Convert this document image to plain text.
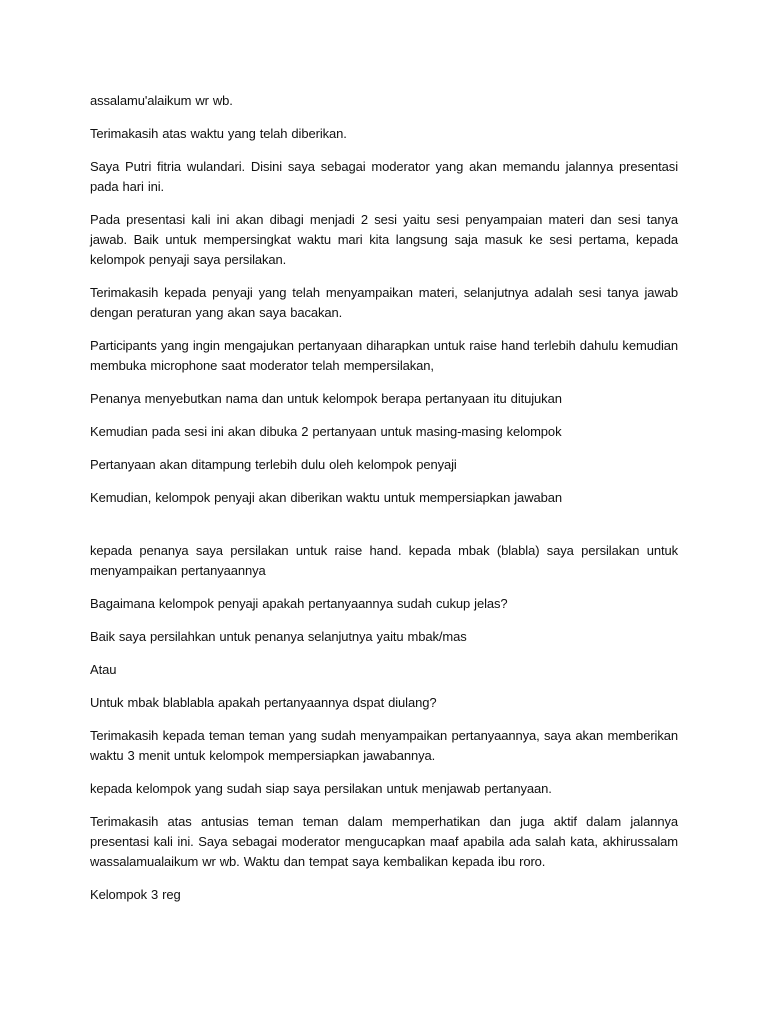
assalamu'alaikum wr wb.

Terimakasih atas waktu yang telah diberikan.

Saya Putri fitria wulandari. Disini saya sebagai moderator yang akan memandu jalannya presentasi pada hari ini.

Pada presentasi kali ini akan dibagi menjadi 2 sesi yaitu sesi penyampaian materi dan sesi tanya jawab. Baik untuk mempersingkat waktu mari kita langsung saja masuk ke sesi pertama, kepada kelompok penyaji saya persilakan.

Terimakasih kepada penyaji yang telah menyampaikan materi, selanjutnya adalah sesi tanya jawab dengan peraturan yang akan saya bacakan.

Participants yang ingin mengajukan pertanyaan diharapkan untuk raise hand terlebih dahulu kemudian membuka microphone saat moderator telah mempersilakan,

Penanya menyebutkan nama dan untuk kelompok berapa pertanyaan itu ditujukan

Kemudian pada sesi ini akan dibuka 2 pertanyaan untuk masing-masing kelompok

Pertanyaan akan ditampung terlebih dulu oleh kelompok penyaji

Kemudian, kelompok penyaji akan diberikan waktu untuk mempersiapkan jawaban

kepada penanya saya persilakan untuk raise hand. kepada mbak (blabla) saya persilakan untuk menyampaikan pertanyaannya

Bagaimana kelompok penyaji apakah pertanyaannya sudah cukup jelas?

Baik saya persilahkan untuk penanya selanjutnya yaitu mbak/mas

Atau

Untuk mbak blablabla apakah pertanyaannya dspat diulang?

Terimakasih kepada teman teman yang sudah menyampaikan pertanyaannya, saya akan memberikan waktu 3 menit untuk kelompok mempersiapkan jawabannya.

kepada kelompok yang sudah siap saya persilakan untuk menjawab pertanyaan.

Terimakasih atas antusias teman teman dalam memperhatikan dan juga aktif dalam jalannya presentasi kali ini. Saya sebagai moderator mengucapkan maaf apabila ada salah kata, akhirussalam wassalamualaikum wr wb. Waktu dan tempat saya kembalikan kepada ibu roro.

Kelompok 3 reg
